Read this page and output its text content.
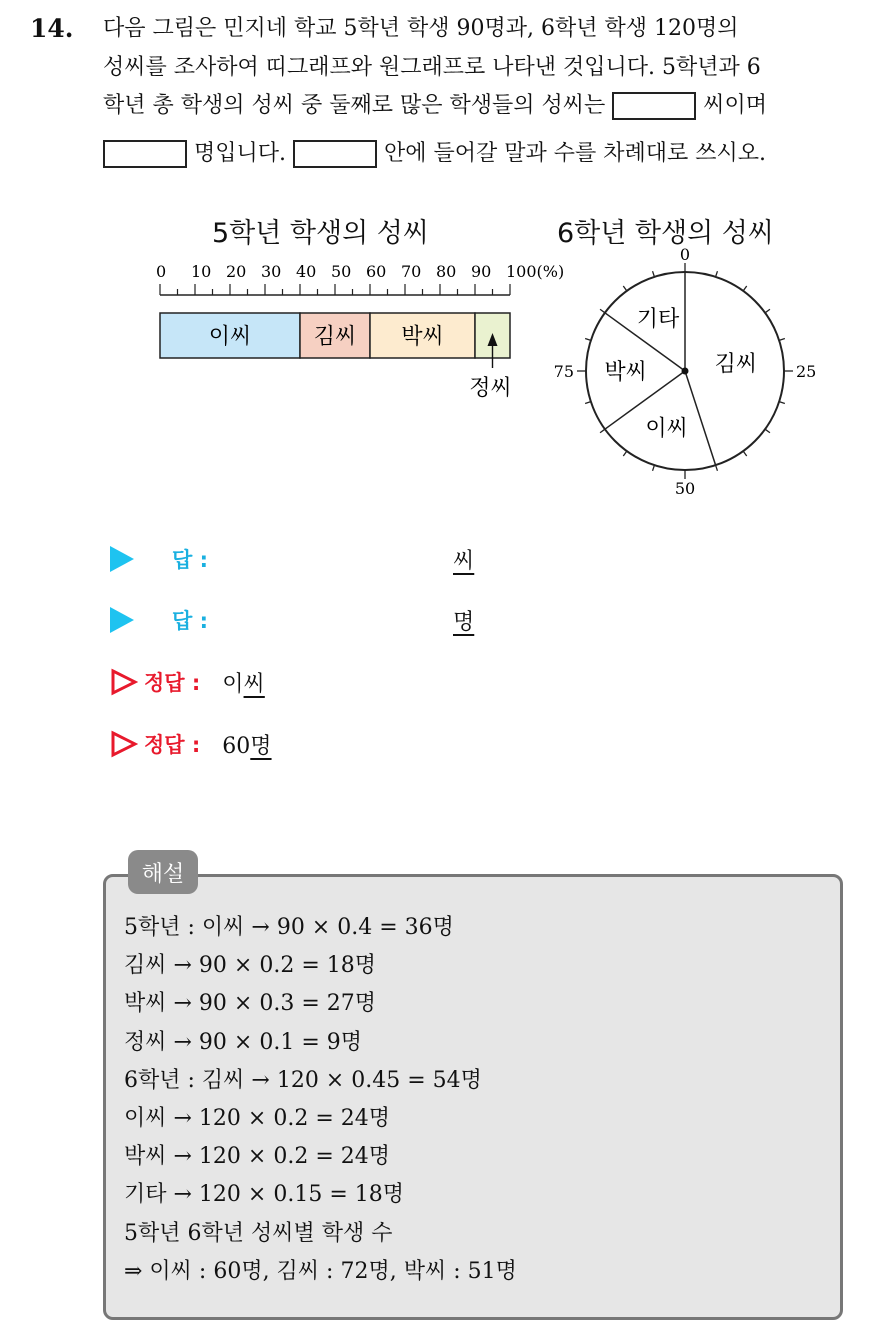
14. 다음 그림은 민지네 학교 5학년 학생 90명과, 6학년 학생 120명의
성씨를 조사하여 띠그래프와 원그래프로 나타낸 것입니다. 5학년과 6
학년 총 학생의 성씨 중 둘째로 많은 학생들의 성씨는	씨이며
명입니다.	안에 들어갈 말과 수를 차례대로 쓰시오.
5학년 학생의 성씨	6학년 학생의 성씨
0 10 20 30 40 50 60 70 80 90 100(%)
이씨	김씨 박씨
정씨
0
25
50
75	김씨
이씨
박씨
기타
답 :	씨
답 :	명
정답 : 이씨
정답 : 60명
해설
5학년 : 이씨 → 90 × 0.4 = 36명
김씨 → 90 × 0.2 = 18명
박씨 → 90 × 0.3 = 27명
정씨 → 90 × 0.1 = 9명
6학년 : 김씨 → 120 × 0.45 = 54명
이씨 → 120 × 0.2 = 24명
박씨 → 120 × 0.2 = 24명
기타 → 120 × 0.15 = 18명
5학년 6학년 성씨별 학생 수
⇒ 이씨 : 60명, 김씨 : 72명, 박씨 : 51명
